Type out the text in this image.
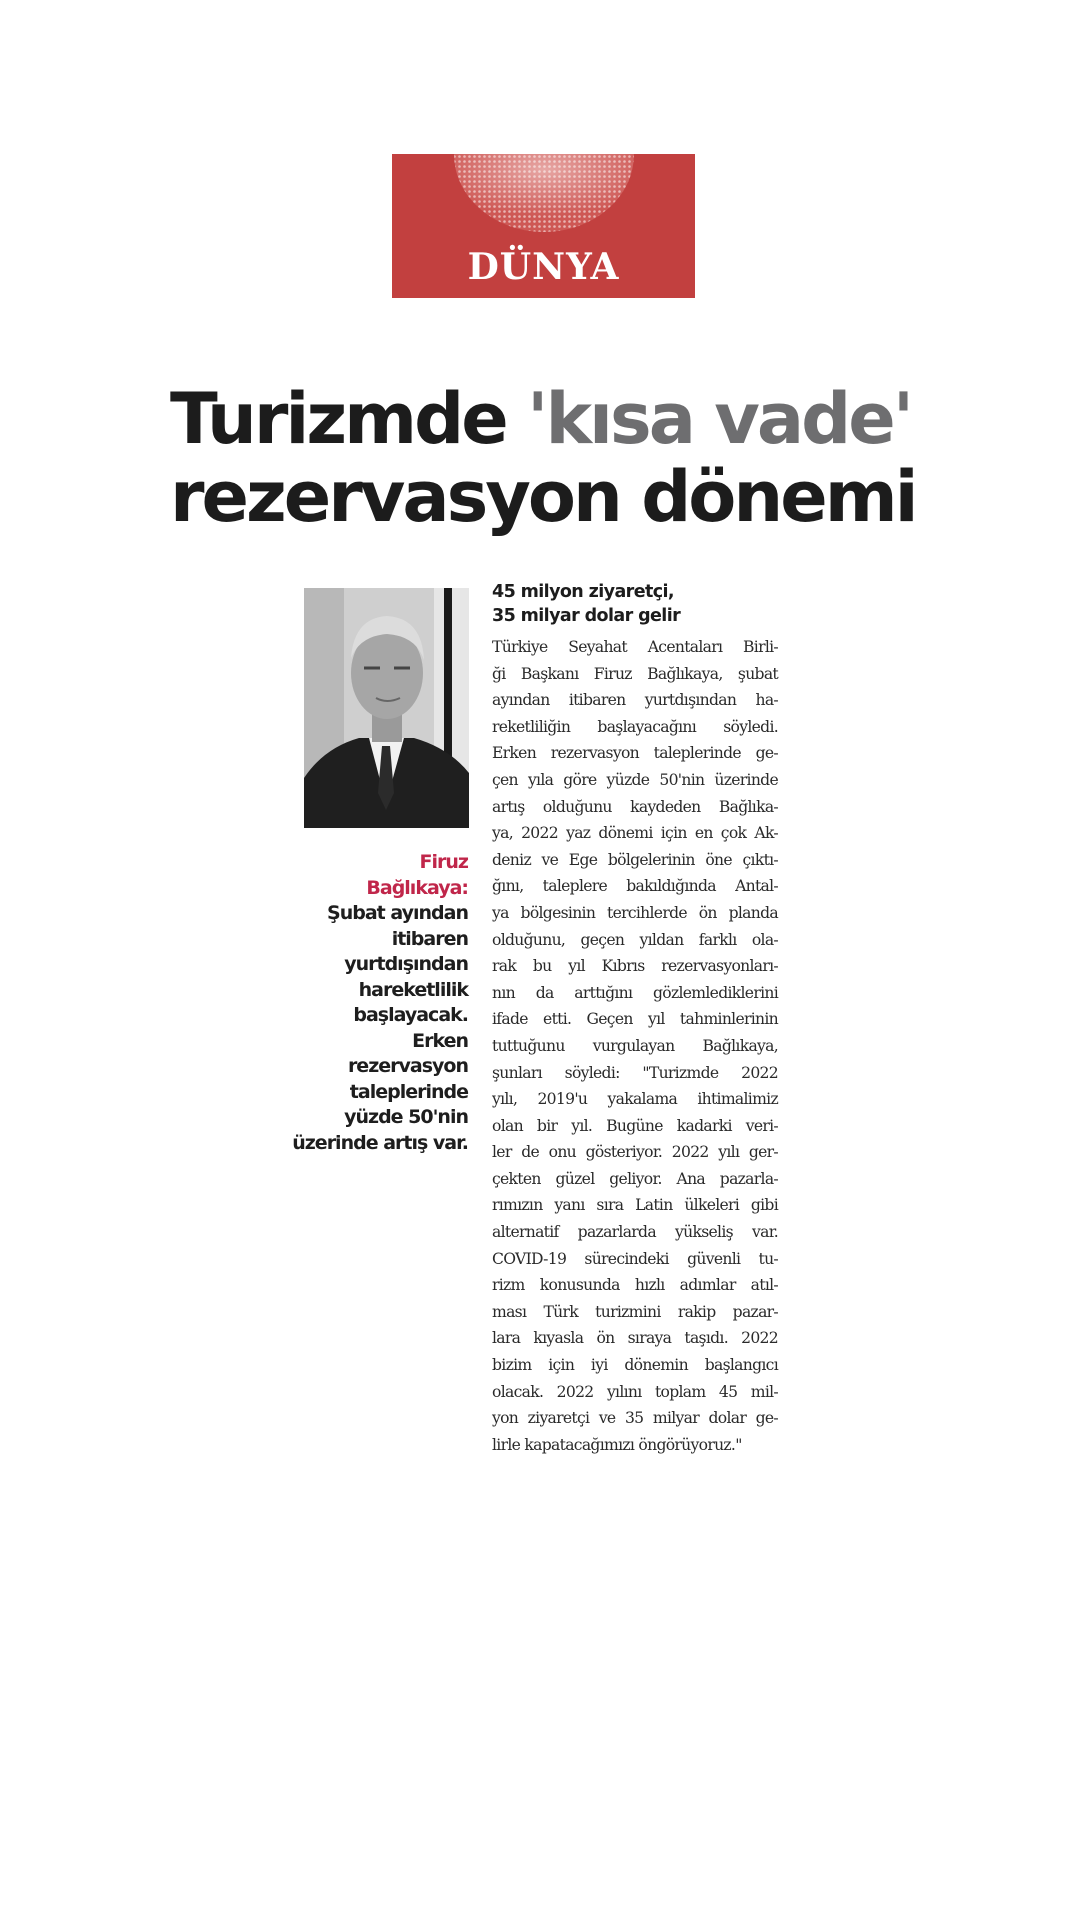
DÜNYA
Turizmde 'kısa vade'
rezervasyon dönemi
Firuz
Bağlıkaya:
Şubat ayından
itibaren
yurtdışından
hareketlilik
başlayacak.
Erken
rezervasyon
taleplerinde
yüzde 50'nin
üzerinde artış var.
45 milyon ziyaretçi,
35 milyar dolar gelir
Türkiye Seyahat Acentaları Birli-
ği Başkanı Firuz Bağlıkaya, şubat
ayından itibaren yurtdışından ha-
reketliliğin başlayacağını söyledi.
Erken rezervasyon taleplerinde ge-
çen yıla göre yüzde 50'nin üzerinde
artış olduğunu kaydeden Bağlıka-
ya, 2022 yaz dönemi için en çok Ak-
deniz ve Ege bölgelerinin öne çıktı-
ğını, taleplere bakıldığında Antal-
ya bölgesinin tercihlerde ön planda
olduğunu, geçen yıldan farklı ola-
rak bu yıl Kıbrıs rezervasyonları-
nın da arttığını gözlemlediklerini
ifade etti. Geçen yıl tahminlerinin
tuttuğunu vurgulayan Bağlıkaya,
şunları söyledi: "Turizmde 2022
yılı, 2019'u yakalama ihtimalimiz
olan bir yıl. Bugüne kadarki veri-
ler de onu gösteriyor. 2022 yılı ger-
çekten güzel geliyor. Ana pazarla-
rımızın yanı sıra Latin ülkeleri gibi
alternatif pazarlarda yükseliş var.
COVID-19 sürecindeki güvenli tu-
rizm konusunda hızlı adımlar atıl-
ması Türk turizmini rakip pazar-
lara kıyasla ön sıraya taşıdı. 2022
bizim için iyi dönemin başlangıcı
olacak. 2022 yılını toplam 45 mil-
yon ziyaretçi ve 35 milyar dolar ge-
lirle kapatacağımızı öngörüyoruz."
